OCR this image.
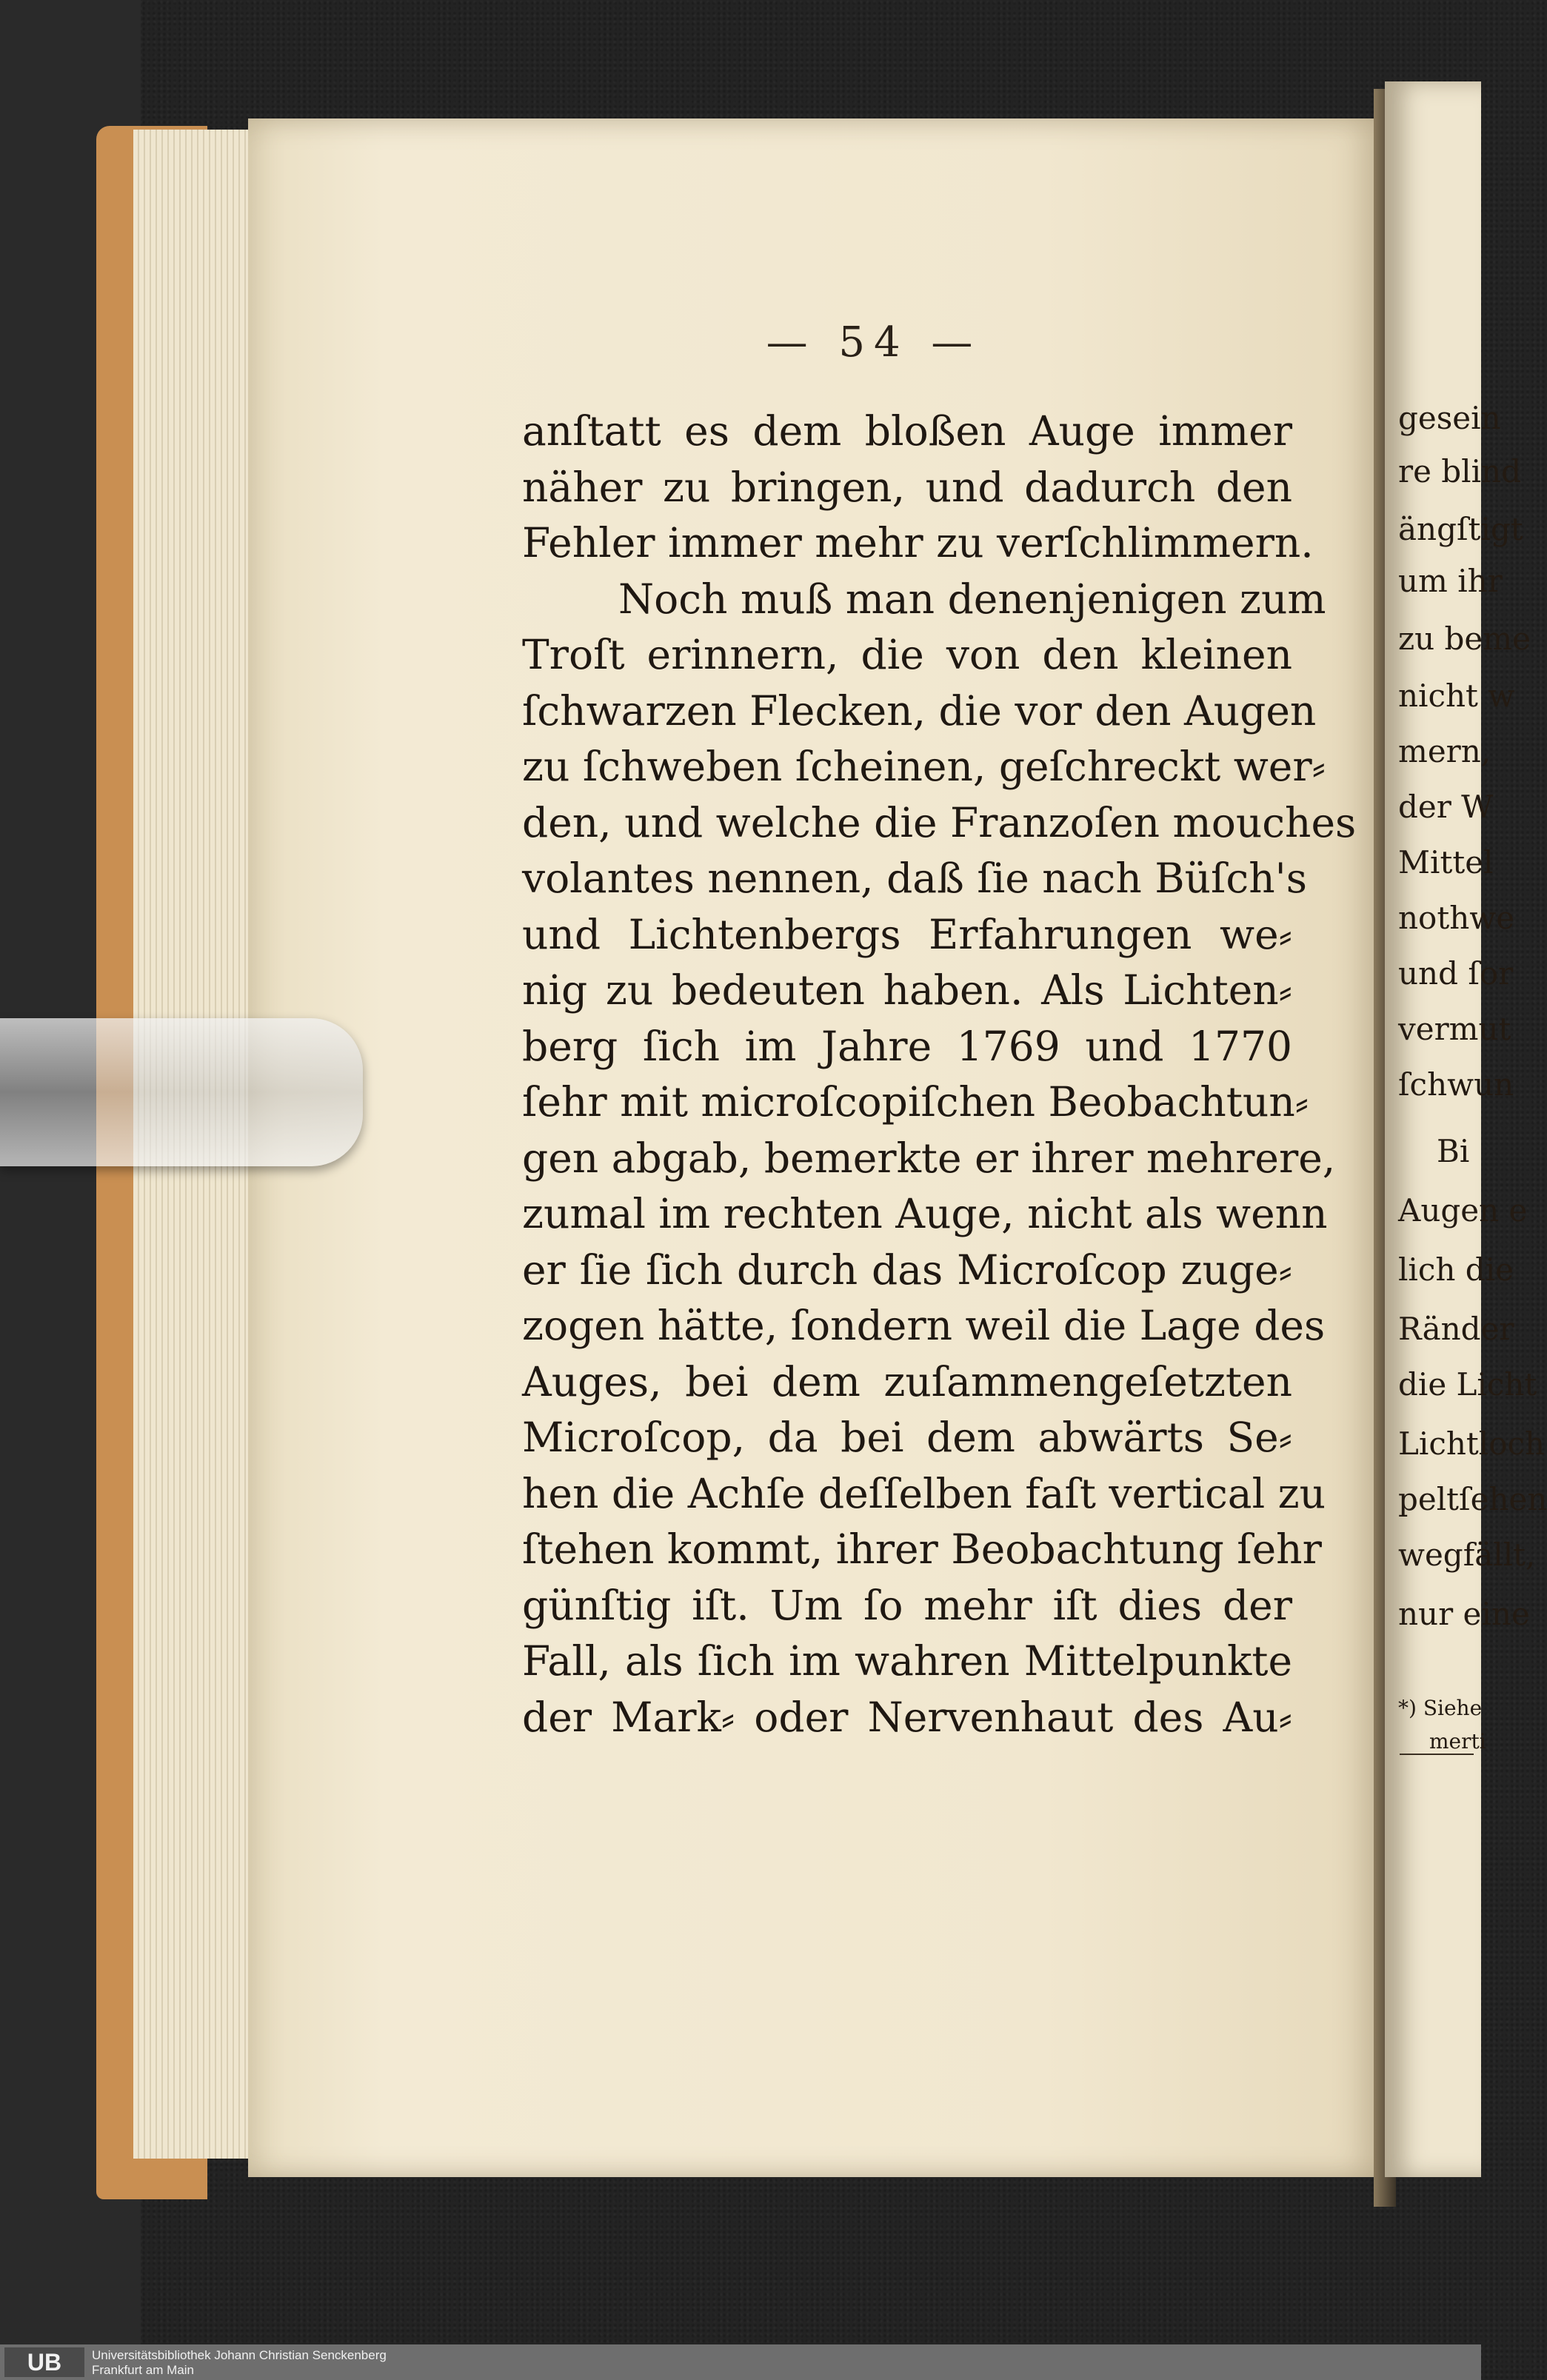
gesein
re blind
ängſtigt
um ihr
zu beme
nicht w
mern,
der W
Mittel
nothwe
und ſor
vermut
ſchwun
Bi
Augen e
lich die
Ränder
die Licht
Lichtloch
peltſehen
wegfällt,
nur eine
*) Siehe
merti
— 54 —
anſtatt es dem bloßen Auge immer
näher zu bringen, und dadurch den
Fehler immer mehr zu verſchlimmern.
Noch muß man denenjenigen zum
Troſt erinnern, die von den kleinen
ſchwarzen Flecken, die vor den Augen
zu ſchweben ſcheinen, geſchreckt wer⸗
den, und welche die Franzoſen mouches
volantes nennen, daß ſie nach Büſch's
und Lichtenbergs Erfahrungen we⸗
nig zu bedeuten haben. Als Lichten⸗
berg ſich im Jahre 1769 und 1770
ſehr mit microſcopiſchen Beobachtun⸗
gen abgab, bemerkte er ihrer mehrere,
zumal im rechten Auge, nicht als wenn
er ſie ſich durch das Microſcop zuge⸗
zogen hätte, ſondern weil die Lage des
Auges, bei dem zuſammengeſetzten
Microſcop, da bei dem abwärts Se⸗
hen die Achſe deſſelben faſt vertical zu
ſtehen kommt, ihrer Beobachtung ſehr
günſtig iſt. Um ſo mehr iſt dies der
Fall, als ſich im wahren Mittelpunkte
der Mark⸗ oder Nervenhaut des Au⸗
UB	Universitätsbibliothek Johann Christian Senckenberg
Frankfurt am Main
